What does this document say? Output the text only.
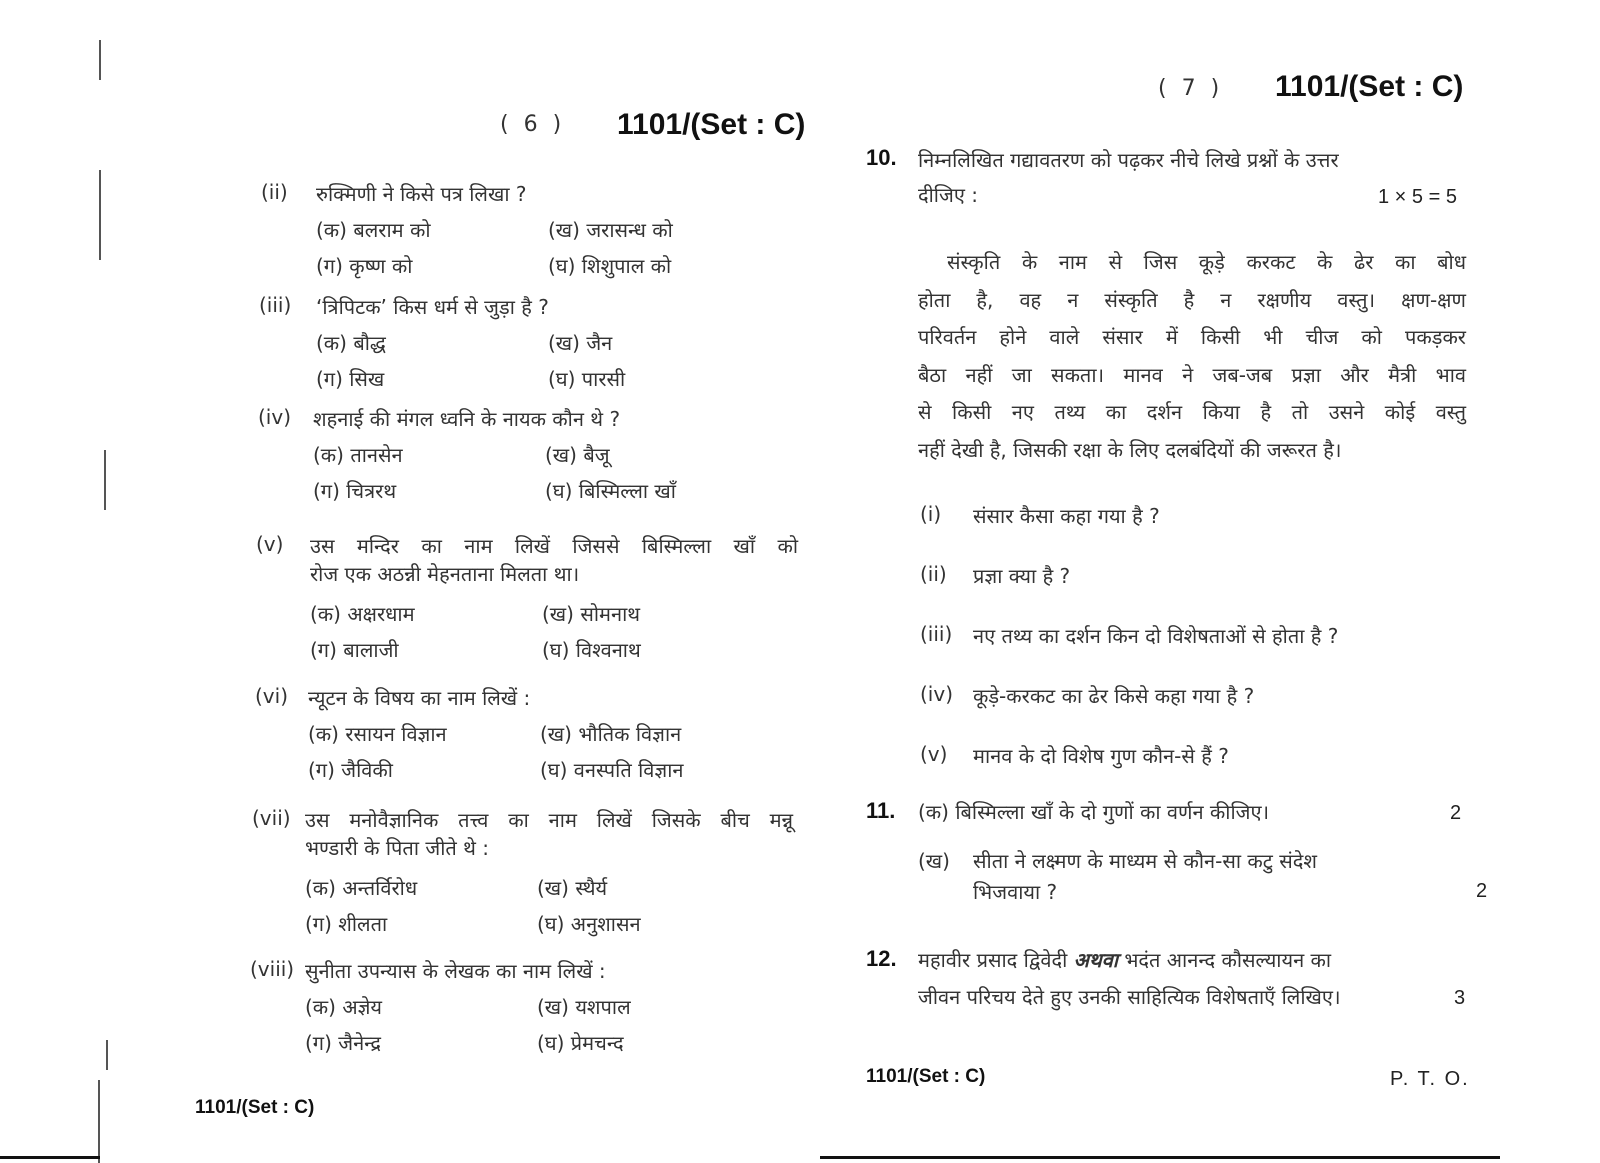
( 6 ) 1101/(Set : C)
(ii) रुक्मिणी ने किसे पत्र लिखा ?
(क) बलराम को	(ख) जरासन्ध को
(ग) कृष्ण को	(घ) शिशुपाल को
(iii) ‘त्रिपिटक’ किस धर्म से जुड़ा है ?
(क) बौद्ध	(ख) जैन
(ग) सिख	(घ) पारसी
(iv) शहनाई की मंगल ध्वनि के नायक कौन थे ?
(क) तानसेन	(ख) बैजू
(ग) चित्ररथ	(घ) बिस्मिल्ला खाँ
(v) उस मन्दिर का नाम लिखें जिससे बिस्मिल्ला खाँ को
रोज एक अठन्नी मेहनताना मिलता था।
(क) अक्षरधाम	(ख) सोमनाथ
(ग) बालाजी	(घ) विश्वनाथ
(vi) न्यूटन के विषय का नाम लिखें :
(क) रसायन विज्ञान	(ख) भौतिक विज्ञान
(ग) जैविकी	(घ) वनस्पति विज्ञान
(vii) उस मनोवैज्ञानिक तत्त्व का नाम लिखें जिसके बीच मन्नू
भण्डारी के पिता जीते थे :
(क) अन्तर्विरोध	(ख) स्थैर्य
(ग) शीलता	(घ) अनुशासन
(viii) सुनीता उपन्यास के लेखक का नाम लिखें :
(क) अज्ञेय	(ख) यशपाल
(ग) जैनेन्द्र	(घ) प्रेमचन्द
1101/(Set : C)
( 7 ) 1101/(Set : C)
10. निम्नलिखित गद्यावतरण को पढ़कर नीचे लिखे प्रश्नों के उत्तर
दीजिए :	1 × 5 = 5
संस्कृति के नाम से जिस कूड़े करकट के ढेर का बोध
होता है, वह न संस्कृति है न रक्षणीय वस्तु। क्षण-क्षण
परिवर्तन होने वाले संसार में किसी भी चीज को पकड़कर
बैठा नहीं जा सकता। मानव ने जब-जब प्रज्ञा और मैत्री भाव
से किसी नए तथ्य का दर्शन किया है तो उसने कोई वस्तु
नहीं देखी है, जिसकी रक्षा के लिए दलबंदियों की जरूरत है।
(i) संसार कैसा कहा गया है ?
(ii) प्रज्ञा क्या है ?
(iii) नए तथ्य का दर्शन किन दो विशेषताओं से होता है ?
(iv) कूड़े-करकट का ढेर किसे कहा गया है ?
(v) मानव के दो विशेष गुण कौन-से हैं ?
11. (क) बिस्मिल्ला खाँ के दो गुणों का वर्णन कीजिए।	2
(ख) सीता ने लक्ष्मण के माध्यम से कौन-सा कटु संदेश
भिजवाया ?	2
12. महावीर प्रसाद द्विवेदी अथवा भदंत आनन्द कौसल्यायन का
जीवन परिचय देते हुए उनकी साहित्यिक विशेषताएँ लिखिए।	3
1101/(Set : C)	P. T. O.
